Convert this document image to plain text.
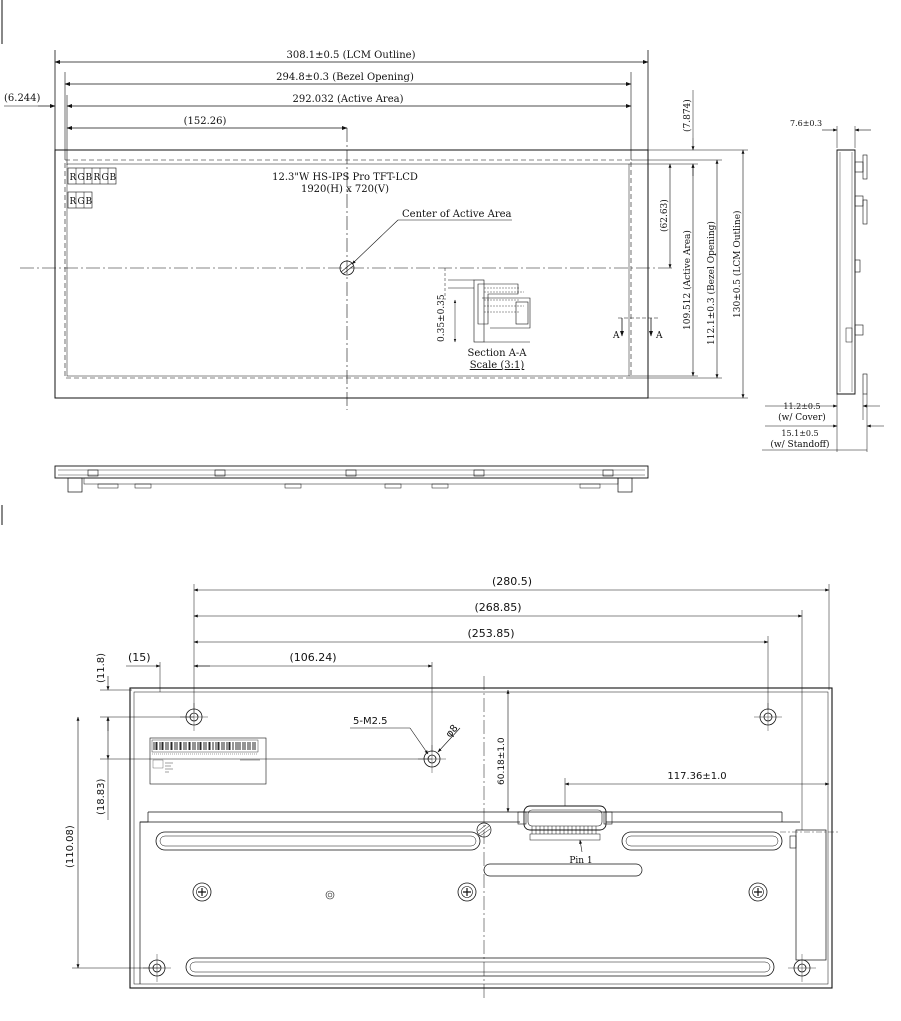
308.1±0.5 (LCM Outline)
294.8±0.3 (Bezel Opening)
292.032 (Active Area)
(6.244)
(152.26)
R G B R G B
R G B
12.3"W HS-IPS Pro TFT-LCD
1920(H) x 720(V)
Center of Active Area
0.35±0.35
Section A-A
Scale (3:1)
A	A
(7.874)
(62.63)
109.512 (Active Area) 112.1±0.3 (Bezel Opening) 130±0.5 (LCM Outline)
7.6±0.3
11.2±0.5
(w/ Cover)
15.1±0.5
(w/ Standoff)
(280.5)
(268.85)
(253.85)
(106.24)
(15)
(11.8)
(18.83)
(110.08)	Pin 1
60.18±1.0	117.36±1.0
5-M2.5
φ8
